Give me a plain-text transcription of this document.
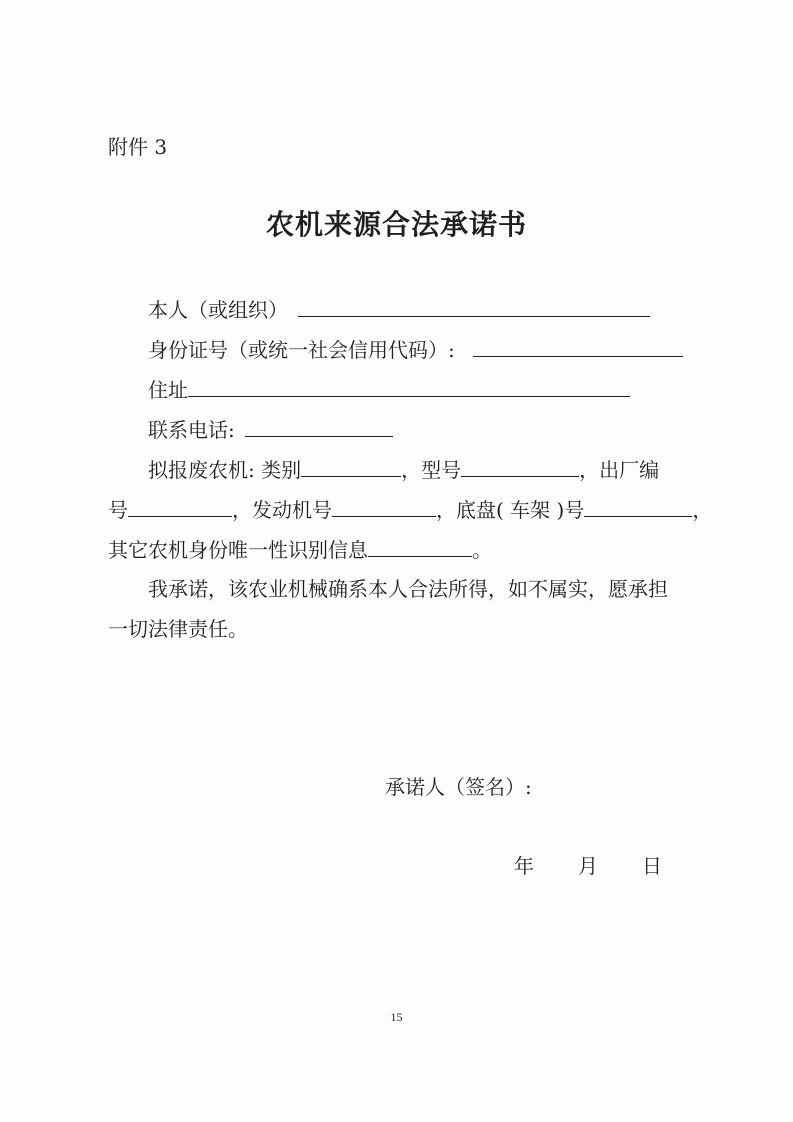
附件 3
农机来源合法承诺书
本人（或组织）
身份证号（或统一社会信用代码）:
住址
联系电话:
拟报废农机: 类别	，型号	，出厂编
号	，发动机号	，底盘( 车架 )号	，
其它农机身份唯一性识别信息	。
我承诺，该农业机械确系本人合法所得，如不属实，愿承担
一切法律责任。
承诺人（签名）:
年 月 日
15
